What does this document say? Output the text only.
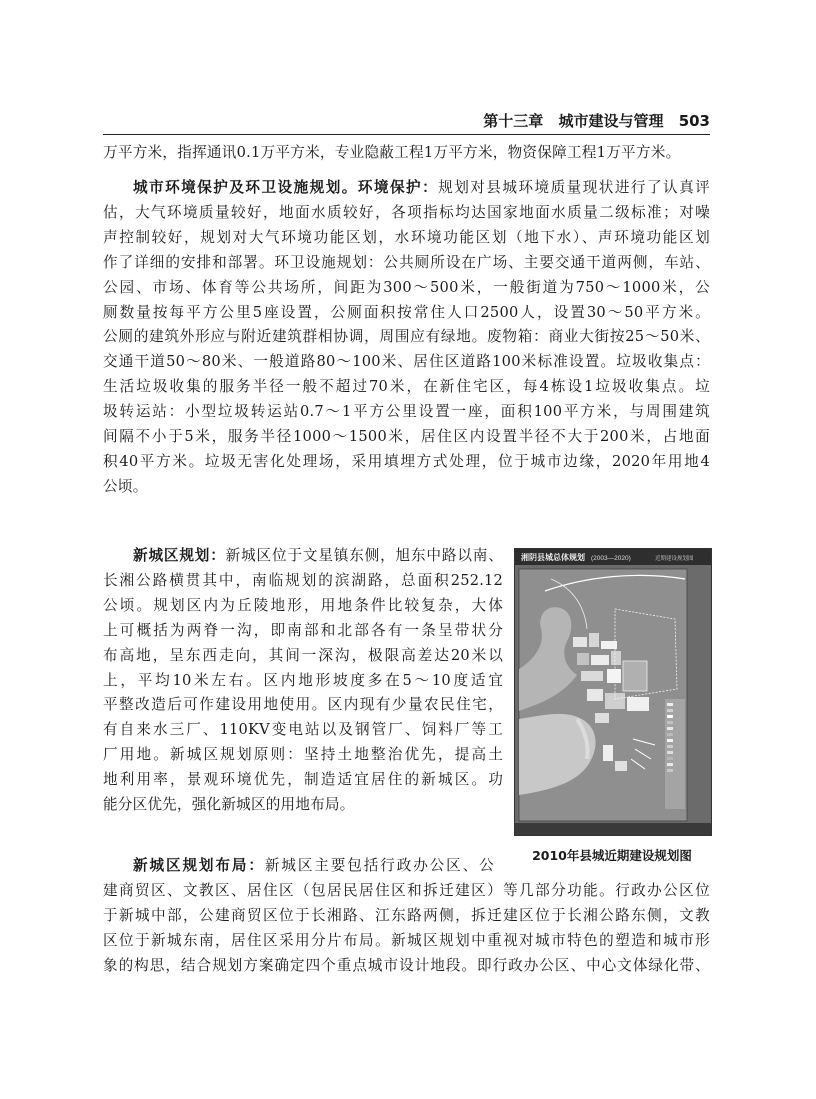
第十三章 城市建设与管理 503

万平方米，指挥通讯0.1万平方米，专业隐蔽工程1万平方米，物资保障工程1万平方米。

城市环境保护及环卫设施规划。环境保护：规划对县城环境质量现状进行了认真评
估，大气环境质量较好，地面水质较好，各项指标均达国家地面水质量二级标准；对噪
声控制较好，规划对大气环境功能区划，水环境功能区划（地下水）、声环境功能区划
作了详细的安排和部署。环卫设施规划：公共厕所设在广场、主要交通干道两侧，车站、
公园、市场、体育等公共场所，间距为300～500米，一般街道为750～1000米，公
厕数量按每平方公里5座设置，公厕面积按常住人口2500人，设置30～50平方米。
公厕的建筑外形应与附近建筑群相协调，周围应有绿地。废物箱：商业大街按25～50米、
交通干道50～80米、一般道路80～100米、居住区道路100米标准设置。垃圾收集点：
生活垃圾收集的服务半径一般不超过70米，在新住宅区，每4栋设1垃圾收集点。垃
圾转运站：小型垃圾转运站0.7～1平方公里设置一座，面积100平方米，与周围建筑
间隔不小于5米，服务半径1000～1500米，居住区内设置半径不大于200米，占地面
积40平方米。垃圾无害化处理场，采用填埋方式处理，位于城市边缘，2020年用地4
公顷。

新城区规划：新城区位于文星镇东侧，旭东中路以南、
长湘公路横贯其中，南临规划的滨湖路，总面积252.12
公顷。规划区内为丘陵地形，用地条件比较复杂，大体
上可概括为两脊一沟，即南部和北部各有一条呈带状分
布高地，呈东西走向，其间一深沟，极限高差达20米以
上，平均10米左右。区内地形坡度多在5～10度适宜
平整改造后可作建设用地使用。区内现有少量农民住宅，
有自来水三厂、110KV变电站以及钢管厂、饲料厂等工
厂用地。新城区规划原则：坚持土地整治优先，提高土
地利用率，景观环境优先，制造适宜居住的新城区。功
能分区优先，强化新城区的用地布局。

湘阴县城总体规划 (2003—2020)	近期建设规划图
2010年县城近期建设规划图

新城区规划布局：新城区主要包括行政办公区、公
建商贸区、文教区、居住区（包居民居住区和拆迁建区）等几部分功能。行政办公区位
于新城中部，公建商贸区位于长湘路、江东路两侧，拆迁建区位于长湘公路东侧，文教
区位于新城东南，居住区采用分片布局。新城区规划中重视对城市特色的塑造和城市形
象的构思，结合规划方案确定四个重点城市设计地段。即行政办公区、中心文体绿化带、
